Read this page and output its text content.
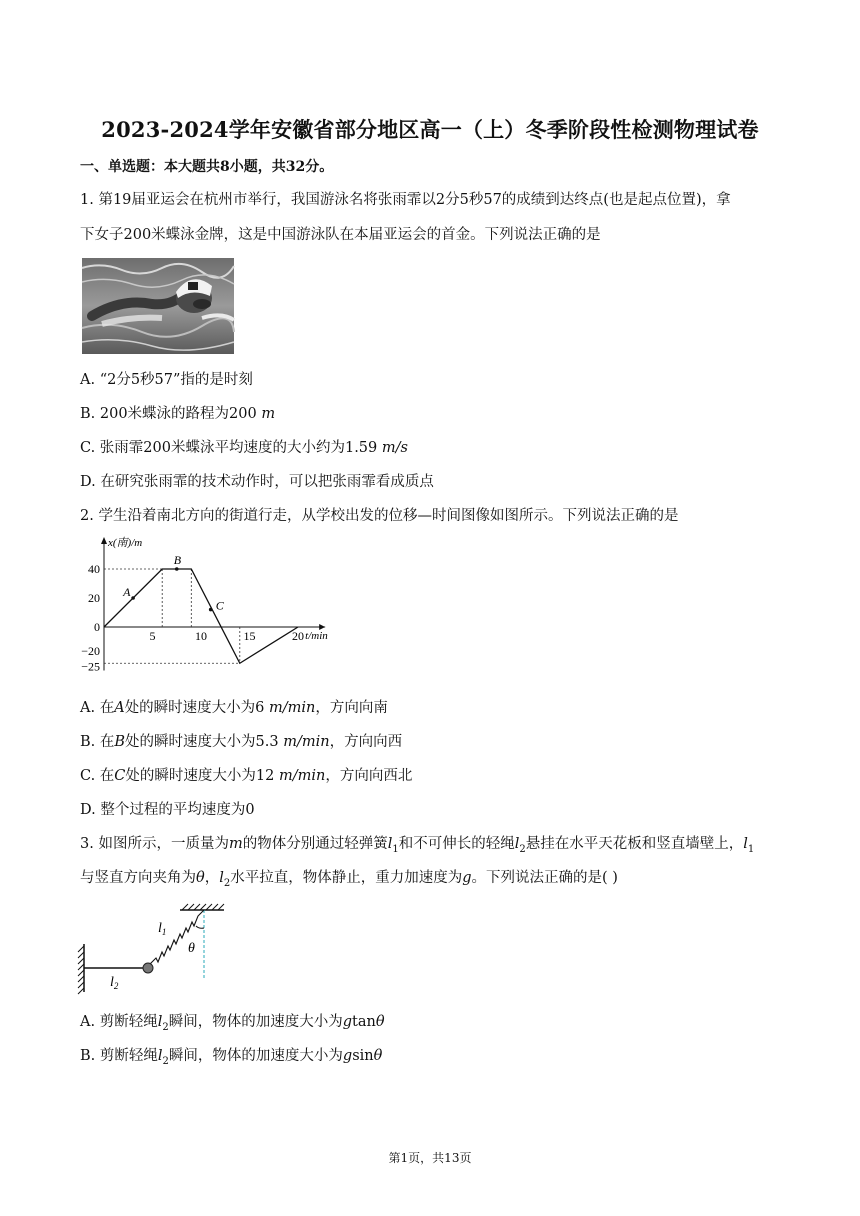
2023-2024学年安徽省部分地区高一（上）冬季阶段性检测物理试卷
一、单选题：本大题共8小题，共32分。
1. 第19届亚运会在杭州市举行，我国游泳名将张雨霏以2分5秒57的成绩到达终点(也是起点位置)，拿
下女子200米蝶泳金牌，这是中国游泳队在本届亚运会的首金。下列说法正确的是
A. “2分5秒57”指的是时刻
B. 200米蝶泳的路程为200 m
C. 张雨霏200米蝶泳平均速度的大小约为1.59 m/s
D. 在研究张雨霏的技术动作时，可以把张雨霏看成质点
2. 学生沿着南北方向的街道行走，从学校出发的位移—时间图像如图所示。下列说法正确的是
40
20
0
−20
−25
5	10	15	20
x(南)/m
t/min
A
B
C
A. 在A处的瞬时速度大小为6 m/min，方向向南
B. 在B处的瞬时速度大小为5.3 m/min，方向向西
C. 在C处的瞬时速度大小为12 m/min，方向向西北
D. 整个过程的平均速度为0
3. 如图所示，一质量为m的物体分别通过轻弹簧$l_1$和不可伸长的轻绳$l_2$悬挂在水平天花板和竖直墙壁上，$l_1$
与竖直方向夹角为θ，$l_2$水平拉直，物体静止，重力加速度为g。下列说法正确的是( )
$l_1$
$l_2$
θ
A. 剪断轻绳$l_2$瞬间，物体的加速度大小为gtanθ
B. 剪断轻绳$l_2$瞬间，物体的加速度大小为gsinθ
第1页，共13页
